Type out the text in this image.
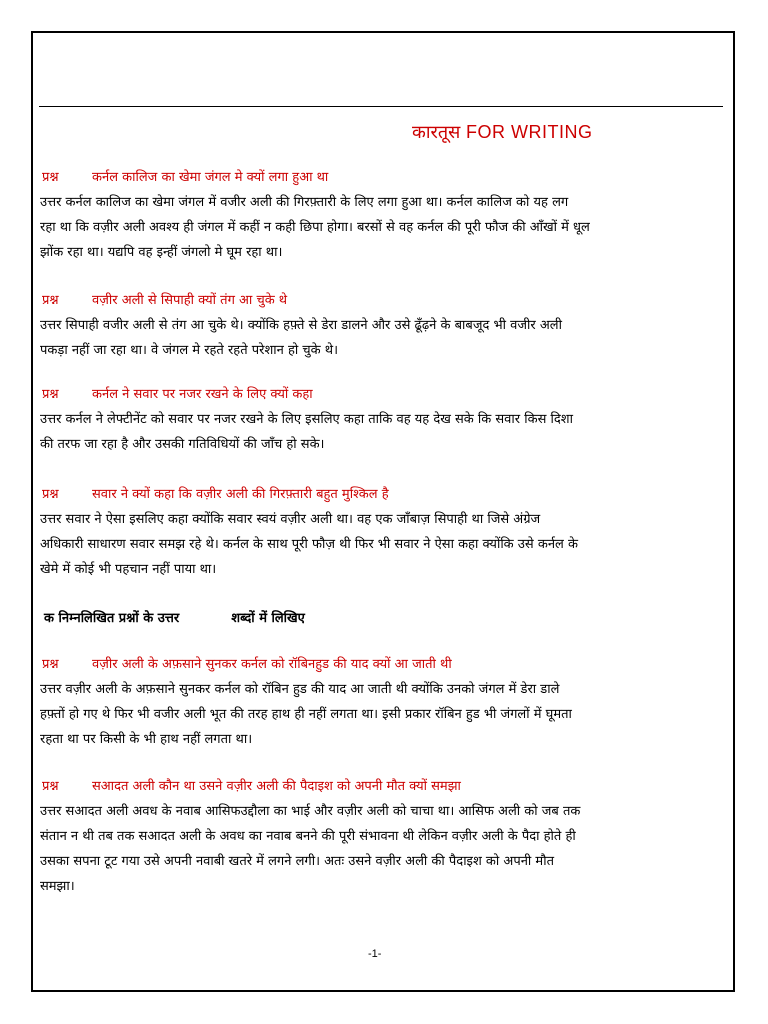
कारतूस FOR WRITING
प्रश्न	कर्नल कालिज का खेमा जंगल मे क्यों लगा हुआ था
उत्तर कर्नल कालिज का खेमा जंगल में वजीर अली की गिरफ़्तारी के लिए लगा हुआ था। कर्नल कालिज को यह लग
रहा था कि वज़ीर अली अवश्य ही जंगल में कहीं न कही छिपा होगा। बरसों से वह कर्नल की पूरी फौज की आँखों में धूल
झोंक रहा था। यद्यपि वह इन्हीं जंगलो मे घूम रहा था।
प्रश्न	वज़ीर अली से सिपाही क्यों तंग आ चुके थे
उत्तर सिपाही वजीर अली से तंग आ चुके थे। क्योंकि हफ़्ते से डेरा डालने और उसे ढूँढ़ने के बाबजूद भी वजीर अली
पकड़ा नहीं जा रहा था। वे जंगल मे रहते रहते परेशान हो चुके थे।
प्रश्न	कर्नल ने सवार पर नजर रखने के लिए क्यों कहा
उत्तर कर्नल ने लेफ्टीनेंट को सवार पर नजर रखने के लिए इसलिए कहा ताकि वह यह देख सके कि सवार किस दिशा
की तरफ जा रहा है और उसकी गतिविधियों की जाँच हो सके।
प्रश्न	सवार ने क्यों कहा कि वज़ीर अली की गिरफ़्तारी बहुत मुश्किल है
उत्तर सवार ने ऐसा इसलिए कहा क्योंकि सवार स्वयं वज़ीर अली था। वह एक जाँबाज़ सिपाही था जिसे अंग्रेज
अधिकारी साधारण सवार समझ रहे थे। कर्नल के साथ पूरी फौज़ थी फिर भी सवार ने ऐसा कहा क्योंकि उसे कर्नल के
खेमे में कोई भी पहचान नहीं पाया था।
क निम्नलिखित प्रश्नों के उत्तर	शब्दों में लिखिए
प्रश्न	वज़ीर अली के अफ़साने सुनकर कर्नल को रॉबिनहुड की याद क्यों आ जाती थी
उत्तर वज़ीर अली के अफ़साने सुनकर कर्नल को रॉबिन हुड की याद आ जाती थी क्योंकि उनको जंगल में डेरा डाले
हफ़्तों हो गए थे फिर भी वजीर अली भूत की तरह हाथ ही नहीं लगता था। इसी प्रकार रॉबिन हुड भी जंगलों में घूमता
रहता था पर किसी के भी हाथ नहीं लगता था।
प्रश्न	सआदत अली कौन था उसने वज़ीर अली की पैदाइश को अपनी मौत क्यों समझा
उत्तर सआदत अली अवध के नवाब आसिफउद्दौला का भाई और वज़ीर अली को चाचा था। आसिफ अली को जब तक
संतान न थी तब तक सआदत अली के अवध का नवाब बनने की पूरी संभावना थी लेकिन वज़ीर अली के पैदा होते ही
उसका सपना टूट गया उसे अपनी नवाबी खतरे में लगने लगी। अतः उसने वज़ीर अली की पैदाइश को अपनी मौत
समझा।
-1-
